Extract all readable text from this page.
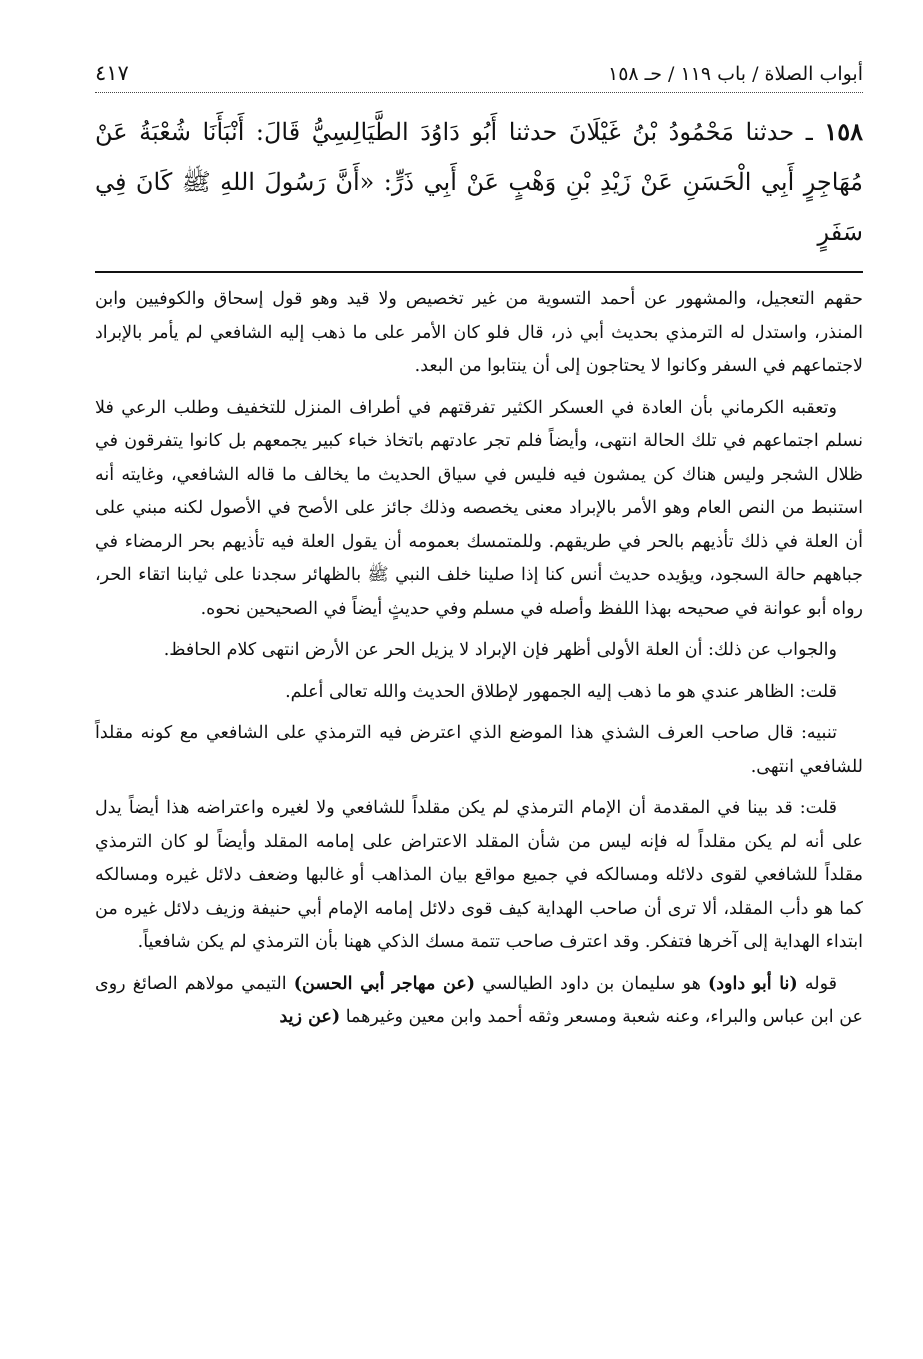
أبواب الصلاة / باب ١١٩ / حـ ١٥٨
٤١٧
١٥٨ ـ حدثنا مَحْمُودُ بْنُ غَيْلَانَ حدثنا أَبُو دَاوُدَ الطَّيَالِسِيُّ قَالَ: أَنْبَأَنَا شُعْبَةُ عَنْ مُهَاجِرٍ أَبِي الْحَسَنِ عَنْ زَيْدِ بْنِ وَهْبٍ عَنْ أَبِي ذَرٍّ: «أَنَّ رَسُولَ اللهِ ﷺ كَانَ فِي سَفَرٍ

حقهم التعجيل، والمشهور عن أحمد التسوية من غير تخصيص ولا قيد وهو قول إسحاق والكوفيين وابن المنذر، واستدل له الترمذي بحديث أبي ذر، قال فلو كان الأمر على ما ذهب إليه الشافعي لم يأمر بالإبراد لاجتماعهم في السفر وكانوا لا يحتاجون إلى أن ينتابوا من البعد.

وتعقبه الكرماني بأن العادة في العسكر الكثير تفرقتهم في أطراف المنزل للتخفيف وطلب الرعي فلا نسلم اجتماعهم في تلك الحالة انتهى، وأيضاً فلم تجر عادتهم باتخاذ خباء كبير يجمعهم بل كانوا يتفرقون في ظلال الشجر وليس هناك كن يمشون فيه فليس في سياق الحديث ما يخالف ما قاله الشافعي، وغايته أنه استنبط من النص العام وهو الأمر بالإبراد معنى يخصصه وذلك جائز على الأصح في الأصول لكنه مبني على أن العلة في ذلك تأذيهم بالحر في طريقهم. وللمتمسك بعمومه أن يقول العلة فيه تأذيهم بحر الرمضاء في جباههم حالة السجود، ويؤيده حديث أنس كنا إذا صلينا خلف النبي ﷺ بالظهائر سجدنا على ثيابنا اتقاء الحر، رواه أبو عوانة في صحيحه بهذا اللفظ وأصله في مسلم وفي حديثٍ أيضاً في الصحيحين نحوه.

والجواب عن ذلك: أن العلة الأولى أظهر فإن الإبراد لا يزيل الحر عن الأرض انتهى كلام الحافظ.

قلت: الظاهر عندي هو ما ذهب إليه الجمهور لإطلاق الحديث والله تعالى أعلم.

تنبيه: قال صاحب العرف الشذي هذا الموضع الذي اعترض فيه الترمذي على الشافعي مع كونه مقلداً للشافعي انتهى.

قلت: قد بينا في المقدمة أن الإمام الترمذي لم يكن مقلداً للشافعي ولا لغيره واعتراضه هذا أيضاً يدل على أنه لم يكن مقلداً له فإنه ليس من شأن المقلد الاعتراض على إمامه المقلد وأيضاً لو كان الترمذي مقلداً للشافعي لقوى دلائله ومسالكه في جميع مواقع بيان المذاهب أو غالبها وضعف دلائل غيره ومسالكه كما هو دأب المقلد، ألا ترى أن صاحب الهداية كيف قوى دلائل إمامه الإمام أبي حنيفة وزيف دلائل غيره من ابتداء الهداية إلى آخرها فتفكر. وقد اعترف صاحب تتمة مسك الذكي ههنا بأن الترمذي لم يكن شافعياً.

قوله (نا أبو داود) هو سليمان بن داود الطيالسي (عن مهاجر أبي الحسن) التيمي مولاهم الصائغ روى عن ابن عباس والبراء، وعنه شعبة ومسعر وثقه أحمد وابن معين وغيرهما (عن زيد
